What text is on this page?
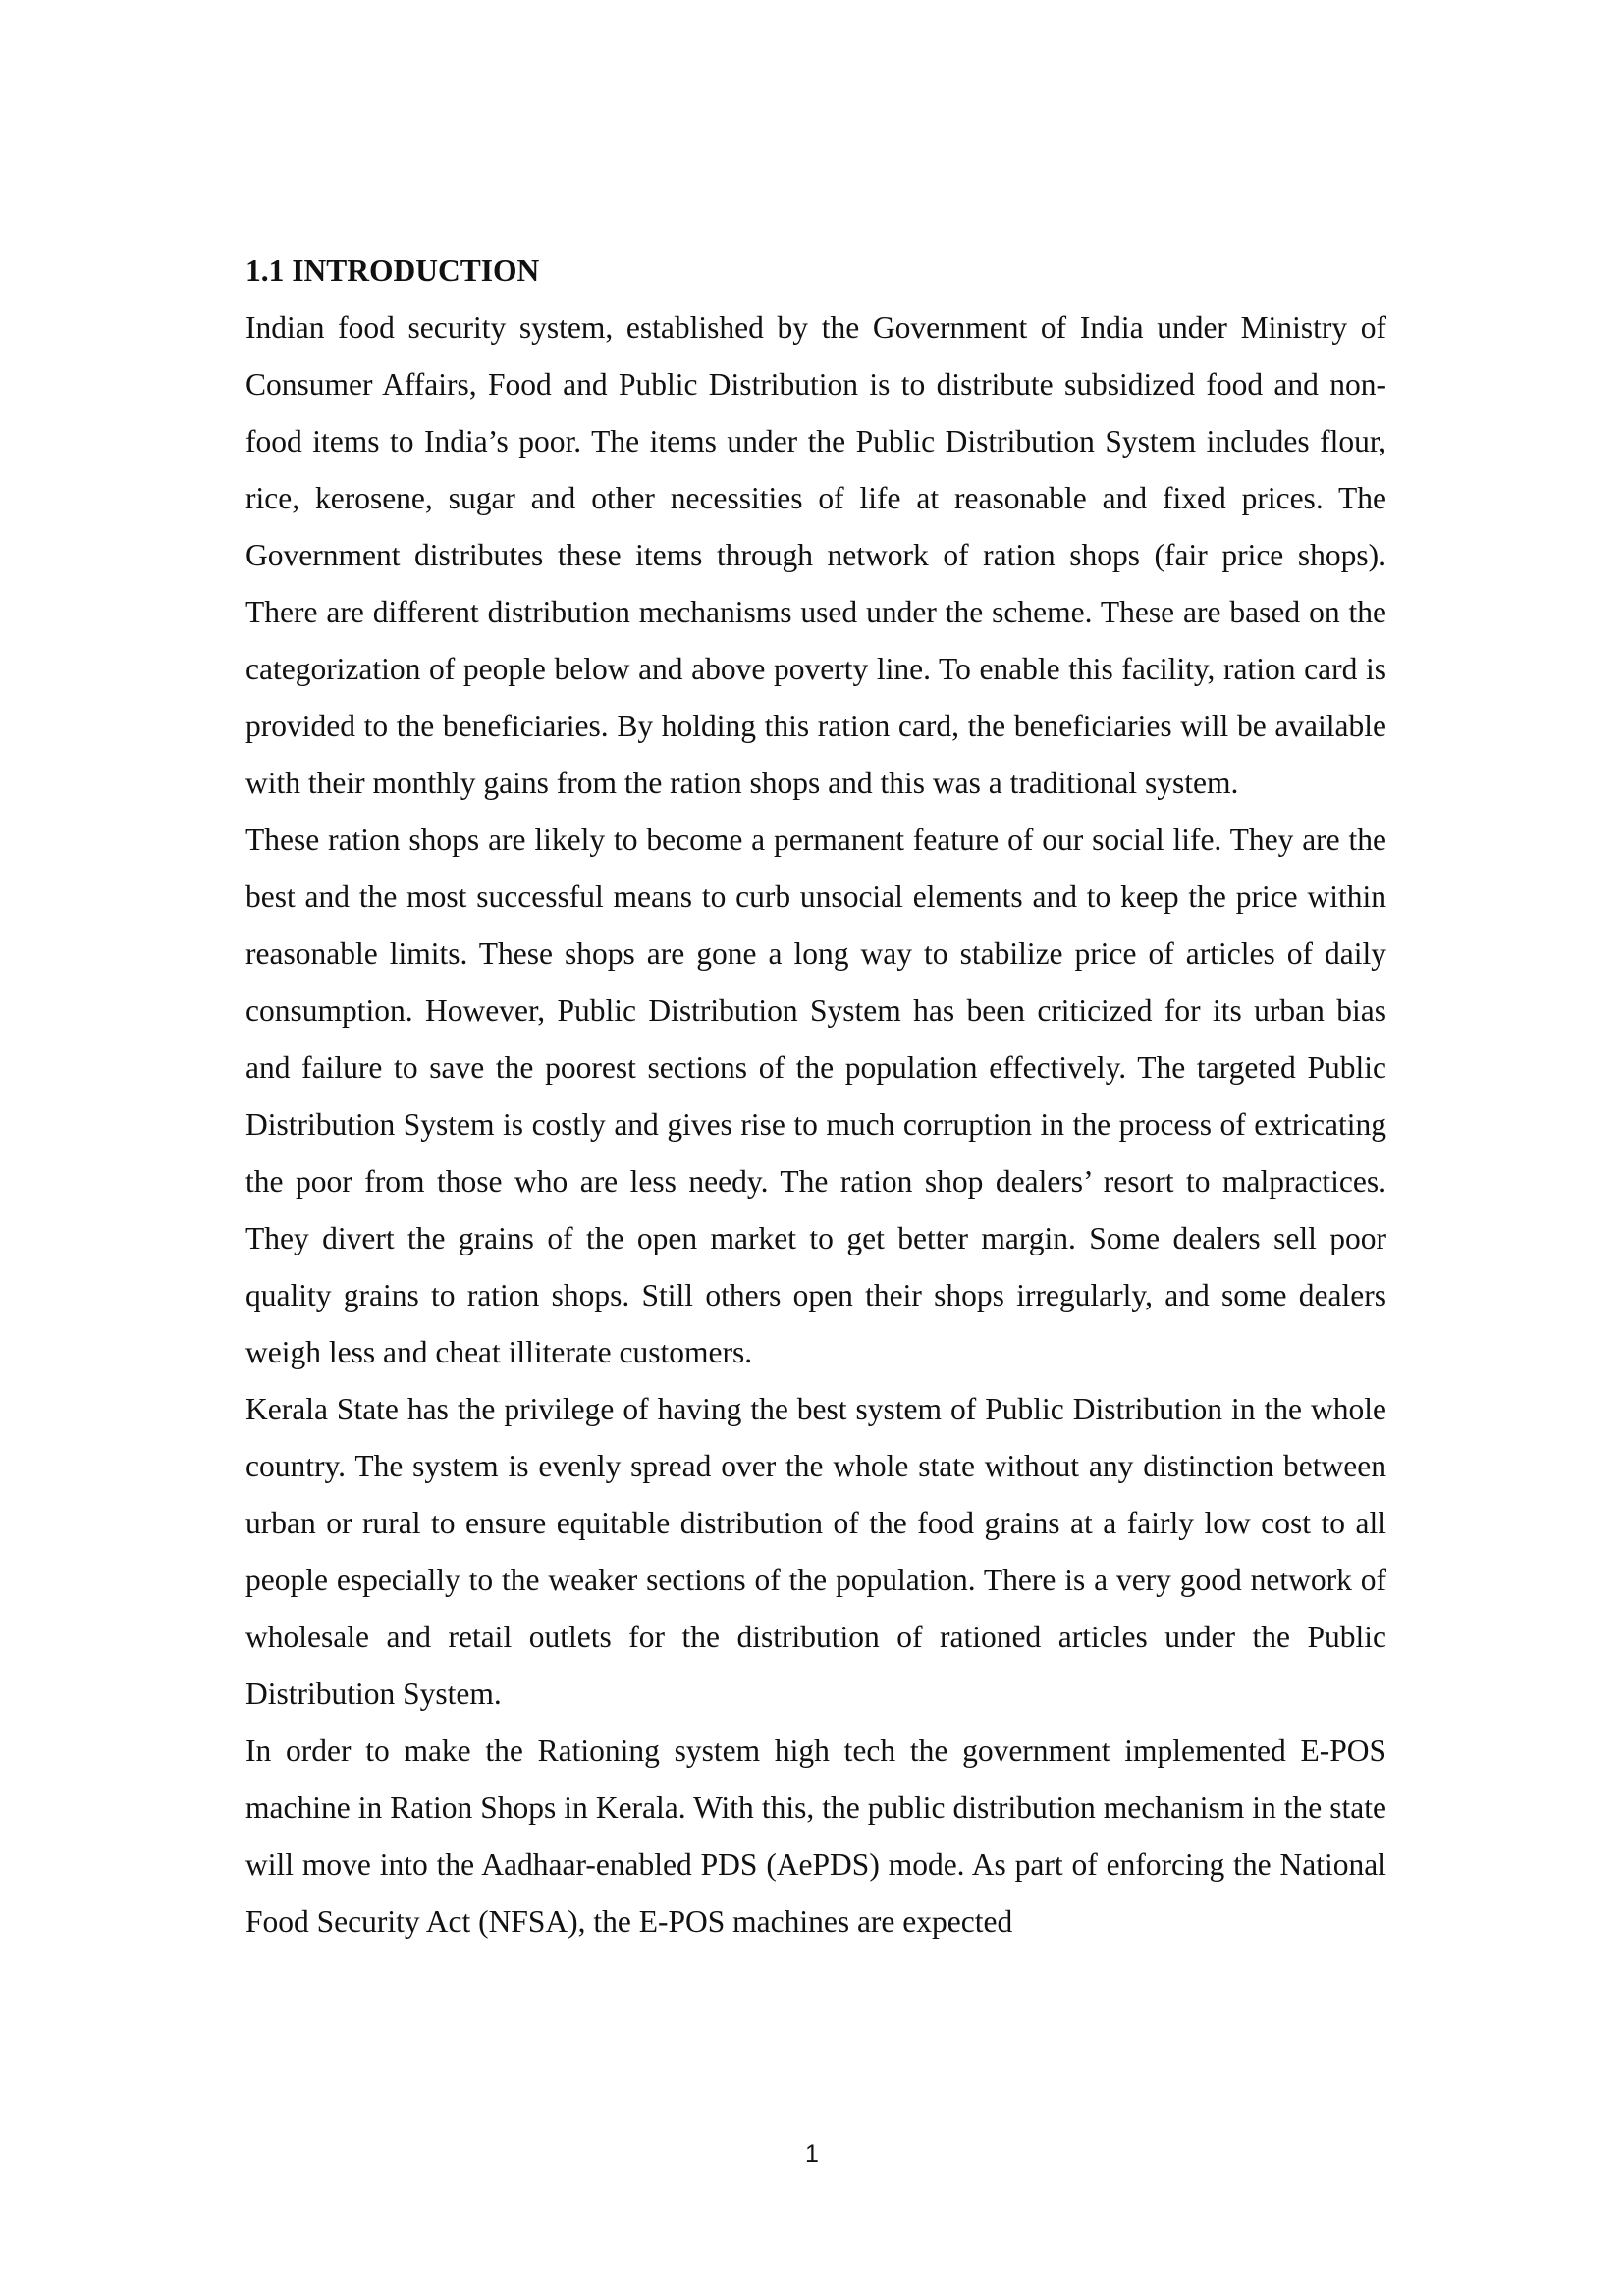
1.1 INTRODUCTION

Indian food security system, established by the Government of India under Ministry of Consumer Affairs, Food and Public Distribution is to distribute subsidized food and non-food items to India’s poor. The items under the Public Distribution System includes flour, rice, kerosene, sugar and other necessities of life at reasonable and fixed prices. The Government distributes these items through network of ration shops (fair price shops). There are different distribution mechanisms used under the scheme. These are based on the categorization of people below and above poverty line. To enable this facility, ration card is provided to the beneficiaries. By holding this ration card, the beneficiaries will be available with their monthly gains from the ration shops and this was a traditional system.

These ration shops are likely to become a permanent feature of our social life. They are the best and the most successful means to curb unsocial elements and to keep the price within reasonable limits. These shops are gone a long way to stabilize price of articles of daily consumption. However, Public Distribution System has been criticized for its urban bias and failure to save the poorest sections of the population effectively. The targeted Public Distribution System is costly and gives rise to much corruption in the process of extricating the poor from those who are less needy. The ration shop dealers’ resort to malpractices. They divert the grains of the open market to get better margin. Some dealers sell poor quality grains to ration shops. Still others open their shops irregularly, and some dealers weigh less and cheat illiterate customers.

Kerala State has the privilege of having the best system of Public Distribution in the whole country. The system is evenly spread over the whole state without any distinction between urban or rural to ensure equitable distribution of the food grains at a fairly low cost to all people especially to the weaker sections of the population. There is a very good network of wholesale and retail outlets for the distribution of rationed articles under the Public Distribution System.

In order to make the Rationing system high tech the government implemented E-POS machine in Ration Shops in Kerala. With this, the public distribution mechanism in the state will move into the Aadhaar-enabled PDS (AePDS) mode. As part of enforcing the National Food Security Act (NFSA), the E-POS machines are expected

1
